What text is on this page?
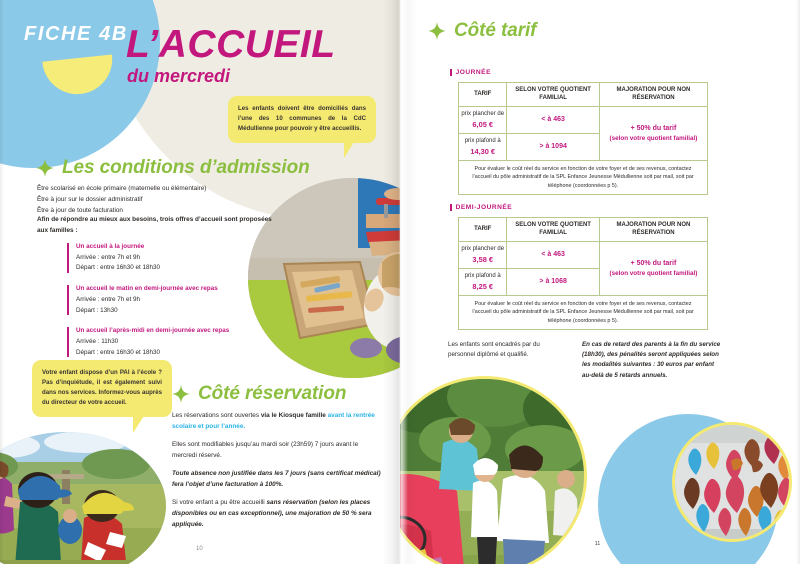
FICHE 4B
L’ACCUEIL
du mercredi

Les enfants doivent être domiciliés dans l’une des 10 communes de la CdC Médullienne pour pouvoir y être accueillis.

Les conditions d’admission
Être scolarisé en école primaire (maternelle ou élémentaire)
Être à jour sur le dossier administratif
Être à jour de toute facturation
Afin de répondre au mieux aux besoins, trois offres d’accueil sont proposées aux familles :
Un accueil à la journée
Arrivée : entre 7h et 9h
Départ : entre 16h30 et 18h30
Un accueil le matin en demi-journée avec repas
Arrivée : entre 7h et 9h
Départ : 13h30
Un accueil l’après-midi en demi-journée avec repas
Arrivée : 11h30
Départ : entre 16h30 et 18h30

Votre enfant dispose d’un PAI à l’école ? Pas d’inquiétude, il est également suivi dans nos services. Informez-vous auprès du directeur de votre accueil.	Côté réservation

Les réservations sont ouvertes via le Kiosque famille avant la rentrée scolaire et pour l’année.

Elles sont modifiables jusqu’au mardi soir (23h59) 7 jours avant le mercredi réservé.

Toute absence non justifiée dans les 7 jours (sans certificat médical) fera l’objet d’une facturation à 100%.

Si votre enfant a pu être accueilli sans réservation (selon les places disponibles ou en cas exceptionnel), une majoration de 50 % sera appliquée.

10
Côté tarif
JOURNÉE
TARIF	SELON VOTRE QUOTIENT FAMILIAL	MAJORATION POUR NON RÉSERVATION

prix plancher de
6,05 €	< à 463	
+ 50% du tarif
(selon votre quotient familial)

prix plafond à
14,30 €	> à 1094	

Pour évaluer le coût réel du service en fonction de votre foyer et de ses revenus, contactez l’accueil du pôle administratif de la SPL Enfance Jeunesse Médullienne soit par mail, soit par téléphone (coordonnées p 5).		
DEMI-JOURNÉE
TARIF	SELON VOTRE QUOTIENT FAMILIAL	MAJORATION POUR NON RÉSERVATION

prix plancher de
3,58 €	< à 463	
+ 50% du tarif
(selon votre quotient familial)

prix plafond à
8,25 €	> à 1068	

Pour évaluer le coût réel du service en fonction de votre foyer et de ses revenus, contactez l’accueil du pôle administratif de la SPL Enfance Jeunesse Médullienne soit par mail, soit par téléphone (coordonnées p 5).		
Les enfants sont encadrés par du personnel diplômé et qualifié.
En cas de retard des parents à la fin du service (18h30), des pénalités seront appliquées selon les modalités suivantes : 30 euros par enfant au-delà de 5 retards annuels.
11
